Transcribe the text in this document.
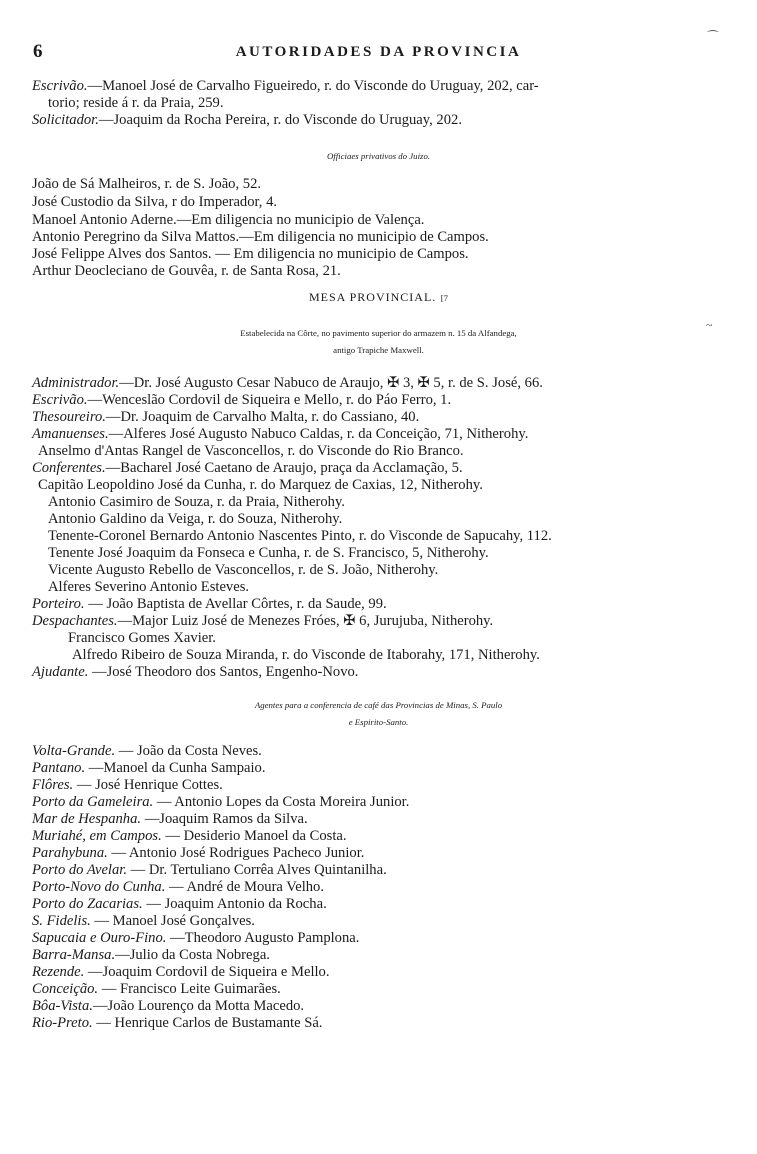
6	AUTORIDADES DA PROVINCIA
Escrivão.—Manoel José de Carvalho Figueiredo, r. do Visconde do Uruguay, 202, car-
torio; reside á r. da Praia, 259.
Solicitador.—Joaquim da Rocha Pereira, r. do Visconde do Uruguay, 202.
Officiaes privativos do Juizo.
João de Sá Malheiros, r. de S. João, 52.
José Custodio da Silva, r do Imperador, 4.
Manoel Antonio Aderne.—Em diligencia no municipio de Valença.
Antonio Peregrino da Silva Mattos.—Em diligencia no municipio de Campos.
José Felippe Alves dos Santos. — Em diligencia no municipio de Campos.
Arthur Deocleciano de Gouvêa, r. de Santa Rosa, 21.
MESA PROVINCIAL. [7
Estabelecida na Côrte, no pavimento superior do armazem n. 15 da Alfandega,
antigo Trapiche Maxwell.
Administrador.—Dr. José Augusto Cesar Nabuco de Araujo, ✠ 3, ✠ 5, r. de S. José, 66.
Escrivão.—Wenceslão Cordovil de Siqueira e Mello, r. do Páo Ferro, 1.
Thesoureiro.—Dr. Joaquim de Carvalho Malta, r. do Cassiano, 40.
Amanuenses.—Alferes José Augusto Nabuco Caldas, r. da Conceição, 71, Nitherohy.
Anselmo d'Antas Rangel de Vasconcellos, r. do Visconde do Rio Branco.
Conferentes.—Bacharel José Caetano de Araujo, praça da Acclamação, 5.
Capitão Leopoldino José da Cunha, r. do Marquez de Caxias, 12, Nitherohy.
Antonio Casimiro de Souza, r. da Praia, Nitherohy.
Antonio Galdino da Veiga, r. do Souza, Nitherohy.
Tenente-Coronel Bernardo Antonio Nascentes Pinto, r. do Visconde de Sapucahy, 112.
Tenente José Joaquim da Fonseca e Cunha, r. de S. Francisco, 5, Nitherohy.
Vicente Augusto Rebello de Vasconcellos, r. de S. João, Nitherohy.
Alferes Severino Antonio Esteves.
Porteiro. — João Baptista de Avellar Côrtes, r. da Saude, 99.
Despachantes.—Major Luiz José de Menezes Fróes, ✠ 6, Jurujuba, Nitherohy.
Francisco Gomes Xavier.
Alfredo Ribeiro de Souza Miranda, r. do Visconde de Itaborahy, 171, Nitherohy.
Ajudante. —José Theodoro dos Santos, Engenho-Novo.
Agentes para a conferencia de café das Provincias de Minas, S. Paulo
e Espirito-Santo.
Volta-Grande. — João da Costa Neves.
Pantano. —Manoel da Cunha Sampaio.
Flôres. — José Henrique Cottes.
Porto da Gameleira. — Antonio Lopes da Costa Moreira Junior.
Mar de Hespanha. —Joaquim Ramos da Silva.
Muriahé, em Campos. — Desiderio Manoel da Costa.
Parahybuna. — Antonio José Rodrigues Pacheco Junior.
Porto do Avelar. — Dr. Tertuliano Corrêa Alves Quintanilha.
Porto-Novo do Cunha. — André de Moura Velho.
Porto do Zacarias. — Joaquim Antonio da Rocha.
S. Fidelis. — Manoel José Gonçalves.
Sapucaia e Ouro-Fino. —Theodoro Augusto Pamplona.
Barra-Mansa.—Julio da Costa Nobrega.
Rezende. —Joaquim Cordovil de Siqueira e Mello.
Conceição. — Francisco Leite Guimarães.
Bôa-Vista.—João Lourenço da Motta Macedo.
Rio-Preto. — Henrique Carlos de Bustamante Sá.
⁀
~
